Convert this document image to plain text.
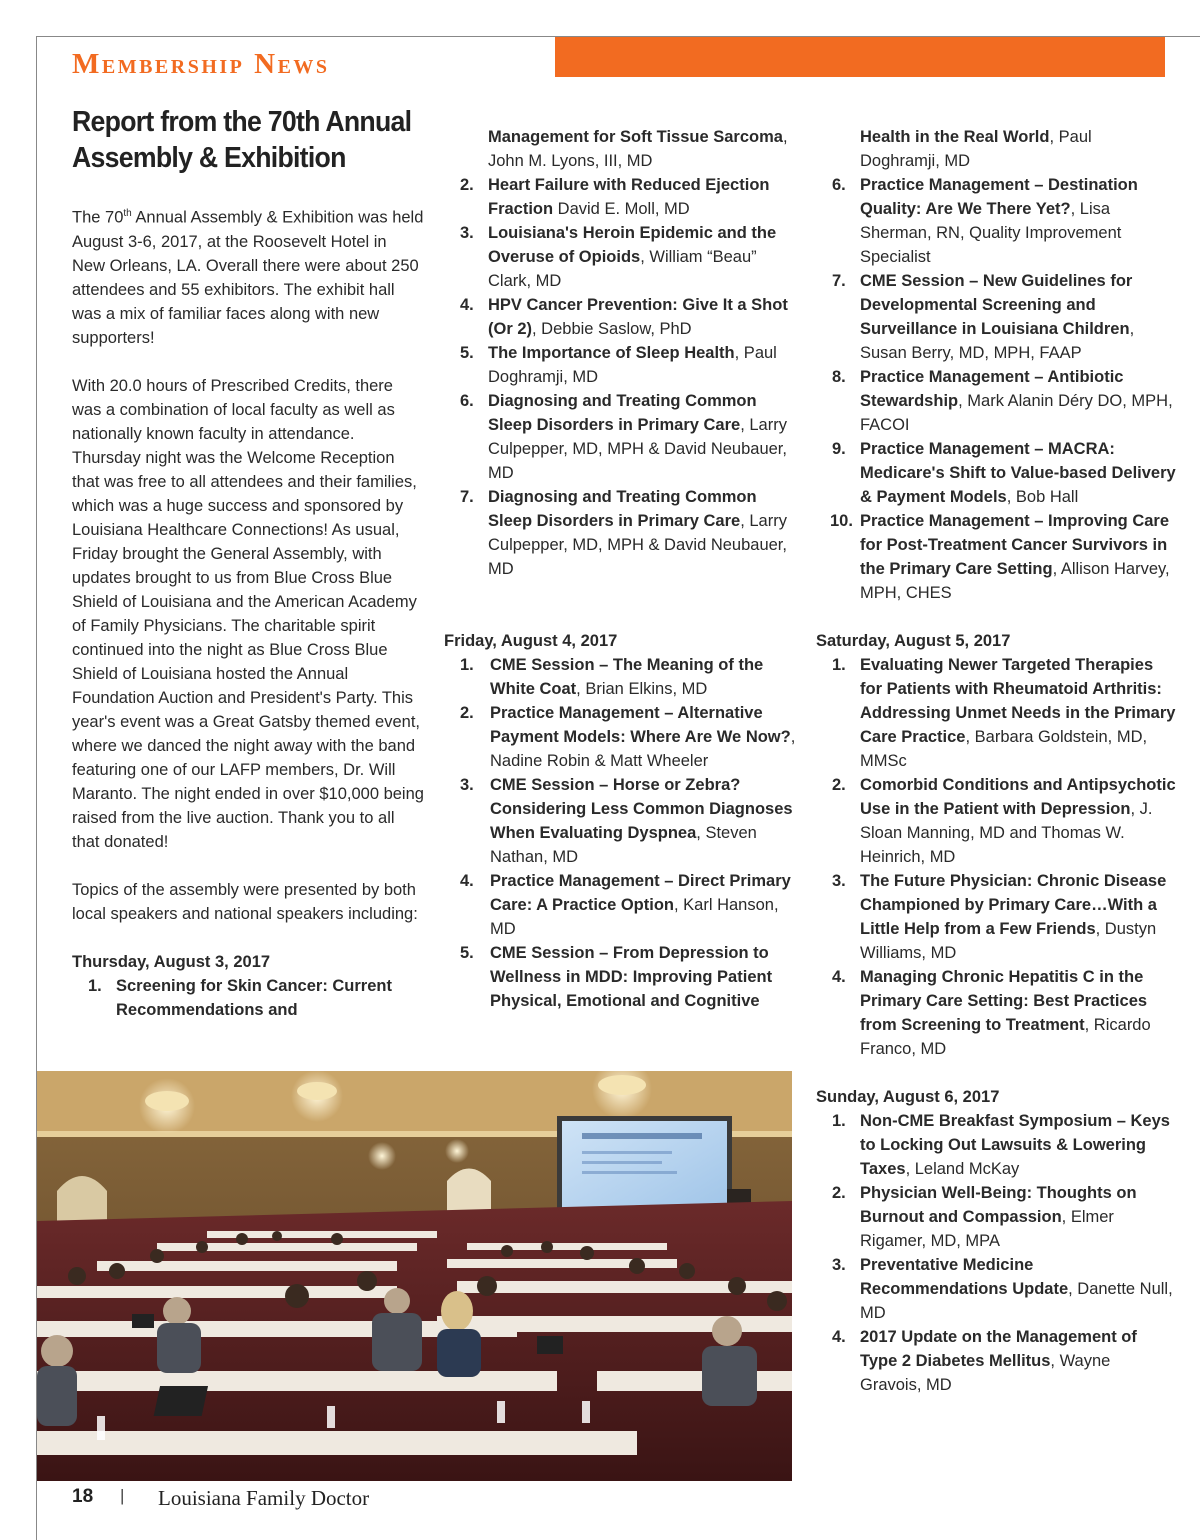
Membership News
Report from the 70th Annual Assembly & Exhibition

The 70th Annual Assembly & Exhibition was held August 3-6, 2017, at the Roosevelt Hotel in New Orleans, LA. Overall there were about 250 attendees and 55 exhibitors. The exhibit hall was a mix of familiar faces along with new supporters!

With 20.0 hours of Prescribed Credits, there was a combination of local faculty as well as nationally known faculty in attendance. Thursday night was the Welcome Reception that was free to all attendees and their families, which was a huge success and sponsored by Louisiana Healthcare Connections! As usual, Friday brought the General Assembly, with updates brought to us from Blue Cross Blue Shield of Louisiana and the American Academy of Family Physicians. The charitable spirit continued into the night as Blue Cross Blue Shield of Louisiana hosted the Annual Foundation Auction and President's Party. This year's event was a Great Gatsby themed event, where we danced the night away with the band featuring one of our LAFP members, Dr. Will Maranto. The night ended in over $10,000 being raised from the live auction. Thank you to all that donated!

Topics of the assembly were presented by both local speakers and national speakers including:

Thursday, August 3, 2017
1. Screening for Skin Cancer: Current Recommendations and
Management for Soft Tissue Sarcoma, John M. Lyons, III, MD
2. Heart Failure with Reduced Ejection Fraction David E. Moll, MD
3. Louisiana's Heroin Epidemic and the Overuse of Opioids, William “Beau” Clark, MD
4. HPV Cancer Prevention: Give It a Shot (Or 2), Debbie Saslow, PhD
5. The Importance of Sleep Health, Paul Doghramji, MD
6. Diagnosing and Treating Common Sleep Disorders in Primary Care, Larry Culpepper, MD, MPH & David Neubauer, MD
7. Diagnosing and Treating Common Sleep Disorders in Primary Care, Larry Culpepper, MD, MPH & David Neubauer, MD
Friday, August 4, 2017
1. CME Session – The Meaning of the White Coat, Brian Elkins, MD
2. Practice Management – Alternative Payment Models: Where Are We Now?, Nadine Robin & Matt Wheeler
3. CME Session – Horse or Zebra? Considering Less Common Diagnoses When Evaluating Dyspnea, Steven Nathan, MD
4. Practice Management – Direct Primary Care: A Practice Option, Karl Hanson, MD
5. CME Session – From Depression to Wellness in MDD: Improving Patient Physical, Emotional and Cognitive
Health in the Real World, Paul Doghramji, MD
6. Practice Management – Destination Quality: Are We There Yet?, Lisa Sherman, RN, Quality Improvement Specialist
7. CME Session – New Guidelines for Developmental Screening and Surveillance in Louisiana Children, Susan Berry, MD, MPH, FAAP
8. Practice Management – Antibiotic Stewardship, Mark Alanin Déry DO, MPH, FACOI
9. Practice Management – MACRA: Medicare's Shift to Value-based Delivery & Payment Models, Bob Hall
10. Practice Management – Improving Care for Post-Treatment Cancer Survivors in the Primary Care Setting, Allison Harvey, MPH, CHES
Saturday, August 5, 2017
1. Evaluating Newer Targeted Therapies for Patients with Rheumatoid Arthritis: Addressing Unmet Needs in the Primary Care Practice, Barbara Goldstein, MD, MMSc
2. Comorbid Conditions and Antipsychotic Use in the Patient with Depression, J. Sloan Manning, MD and Thomas W. Heinrich, MD
3. The Future Physician: Chronic Disease Championed by Primary Care…With a Little Help from a Few Friends, Dustyn Williams, MD
4. Managing Chronic Hepatitis C in the Primary Care Setting: Best Practices from Screening to Treatment, Ricardo Franco, MD
Sunday, August 6, 2017
1. Non-CME Breakfast Symposium – Keys to Locking Out Lawsuits & Lowering Taxes, Leland McKay
2. Physician Well-Being: Thoughts on Burnout and Compassion, Elmer Rigamer, MD, MPA
3. Preventative Medicine Recommendations Update, Danette Null, MD
4. 2017 Update on the Management of Type 2 Diabetes Mellitus, Wayne Gravois, MD
18 | Louisiana Family Doctor
